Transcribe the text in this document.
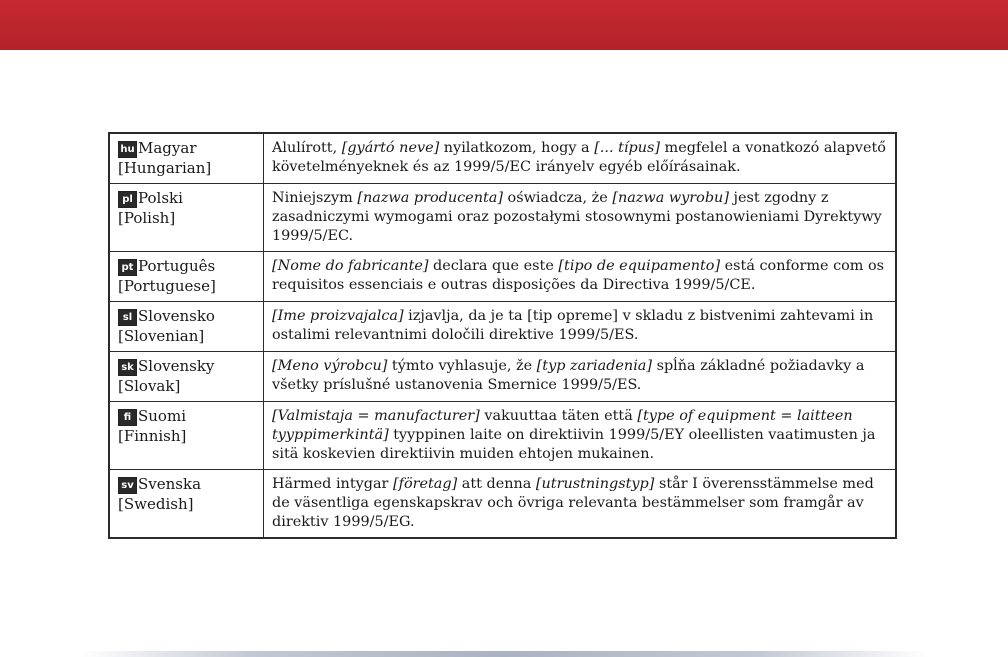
hu Magyar
[Hungarian]	Alulírott, [gyártó neve] nyilatkozom, hogy a [... típus] megfelel a vonatkozó alapvető követelményeknek és az 1999/5/EC irányelv egyéb előírásainak.
pl Polski
[Polish]	Niniejszym [nazwa producenta] oświadcza, że [nazwa wyrobu] jest zgodny z zasadniczymi wymogami oraz pozostałymi stosownymi postanowieniami Dyrektywy 1999/5/EC.
pt Português
[Portuguese]	[Nome do fabricante] declara que este [tipo de equipamento] está conforme com os requisitos essenciais e outras disposições da Directiva 1999/5/CE.
sl Slovensko
[Slovenian]	[Ime proizvajalca] izjavlja, da je ta [tip opreme] v skladu z bistvenimi zahtevami in ostalimi relevantnimi določili direktive 1999/5/ES.
sk Slovensky
[Slovak]	[Meno výrobcu] týmto vyhlasuje, že [typ zariadenia] spĺňa základné požiadavky a všetky príslušné ustanovenia Smernice 1999/5/ES.
fi Suomi
[Finnish]	[Valmistaja = manufacturer] vakuuttaa täten että [type of equipment = laitteen tyyppimerkintä] tyyppinen laite on direktiivin 1999/5/EY oleellisten vaatimusten ja sitä koskevien direktiivin muiden ehtojen mukainen.
sv Svenska
[Swedish]	Härmed intygar [företag] att denna [utrustningstyp] står I överensstämmelse med de väsentliga egenskapskrav och övriga relevanta bestämmelser som framgår av direktiv 1999/5/EG.
